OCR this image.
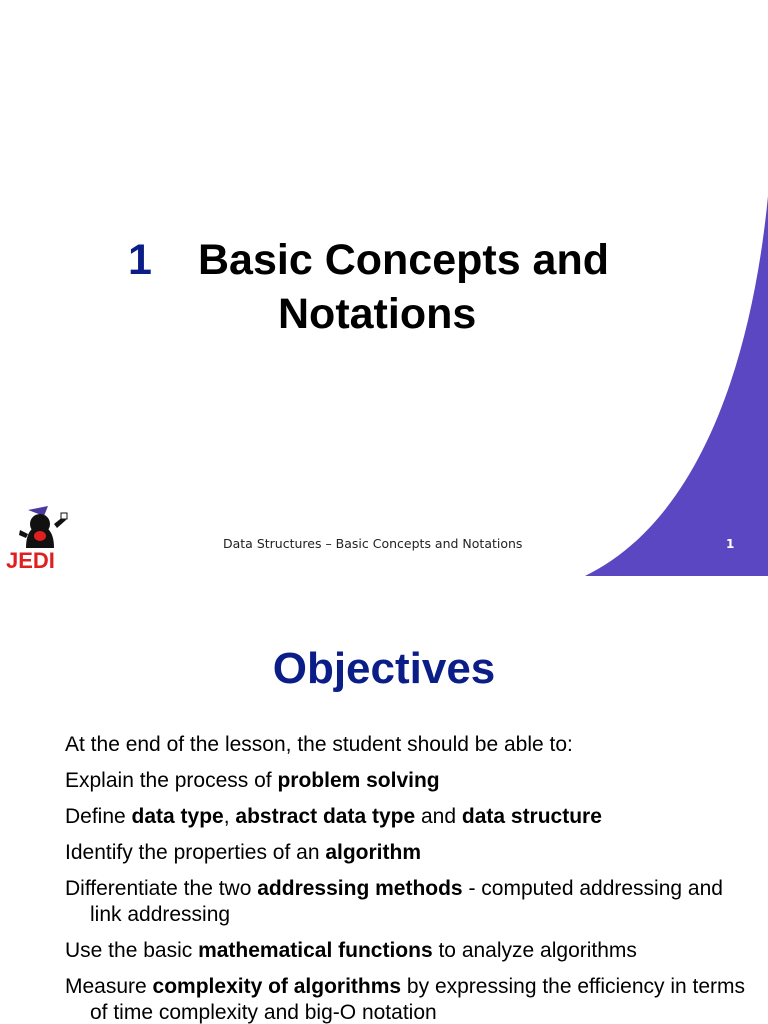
1 Basic Concepts and
Notations
JEDI
Data Structures – Basic Concepts and Notations	1
Objectives
At the end of the lesson, the student should be able to:
Explain the process of problem solving
Define data type, abstract data type and data structure
Identify the properties of an algorithm
Differentiate the two addressing methods - computed addressing and link addressing
Use the basic mathematical functions to analyze algorithms
Measure complexity of algorithms by expressing the efficiency in terms of time complexity and big-O notation
